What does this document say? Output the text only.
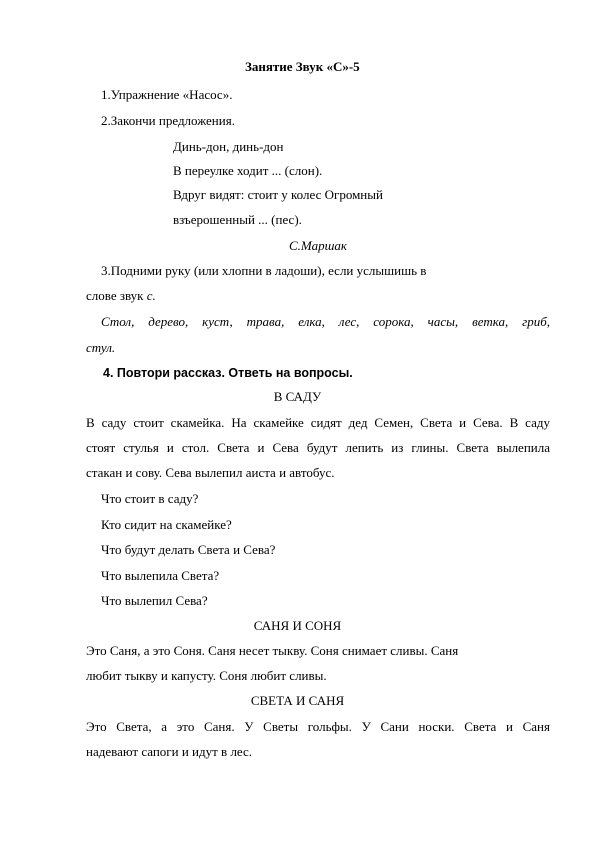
Занятие Звук «С»-5
1.Упражнение «Насос».
2.Закончи предложения.
Динь-дон, динь-дон
В переулке ходит ... (слон).
Вдруг видят: стоит у колес Огромный
взъерошенный ... (пес).
С.Маршак
3.Подними руку (или хлопни в ладоши), если услышишь в
слове звук с.
Стол, дерево, куст, трава, елка, лес, сорока, часы, ветка, гриб,
стул.
4. Повтори рассказ. Ответь на вопросы.
В САДУ
В саду стоит скамейка. На скамейке сидят дед Семен, Света и Сева. В саду
стоят стулья и стол. Света и Сева будут лепить из глины. Света вылепила
стакан и сову. Сева вылепил аиста и автобус.
Что стоит в саду?
Кто сидит на скамейке?
Что будут делать Света и Сева?
Что вылепила Света?
Что вылепил Сева?
САНЯ И СОНЯ
Это Саня, а это Соня. Саня несет тыкву. Соня снимает сливы. Саня
любит тыкву и капусту. Соня любит сливы.
СВЕТА И САНЯ
Это Света, а это Саня. У Светы гольфы. У Сани носки. Света и Саня
надевают сапоги и идут в лес.
